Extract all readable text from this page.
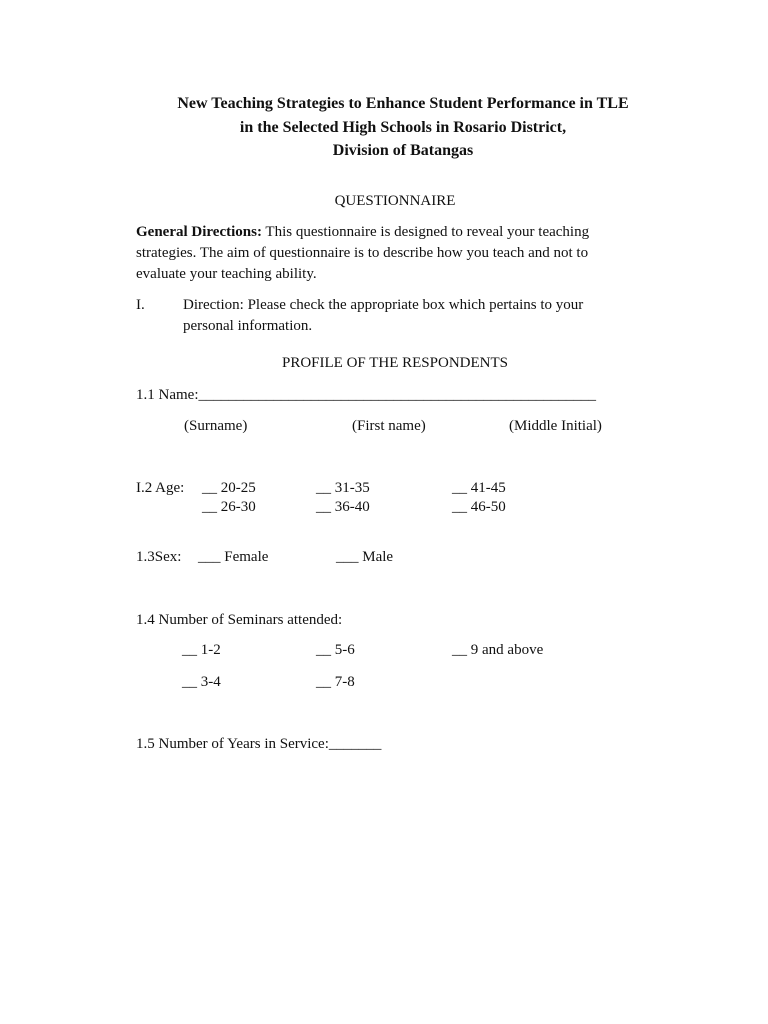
New Teaching Strategies to Enhance Student Performance in TLE
in the Selected High Schools in Rosario District,
Division of Batangas
QUESTIONNAIRE
General Directions: This questionnaire is designed to reveal your teaching
strategies. The aim of questionnaire is to describe how you teach and not to
evaluate your teaching ability.
I.	Direction: Please check the appropriate box which pertains to your
personal information.
PROFILE OF THE RESPONDENTS
1.1 Name:_____________________________________________________
(Surname)	(First name)	(Middle Initial)
I.2 Age: __ 20-25	__ 31-35	__ 41-45
__ 26-30	__ 36-40	__ 46-50
1.3Sex: ___ Female	___ Male
1.4 Number of Seminars attended:
__ 1-2	__ 5-6	__ 9 and above
__ 3-4	__ 7-8
1.5 Number of Years in Service:_______
